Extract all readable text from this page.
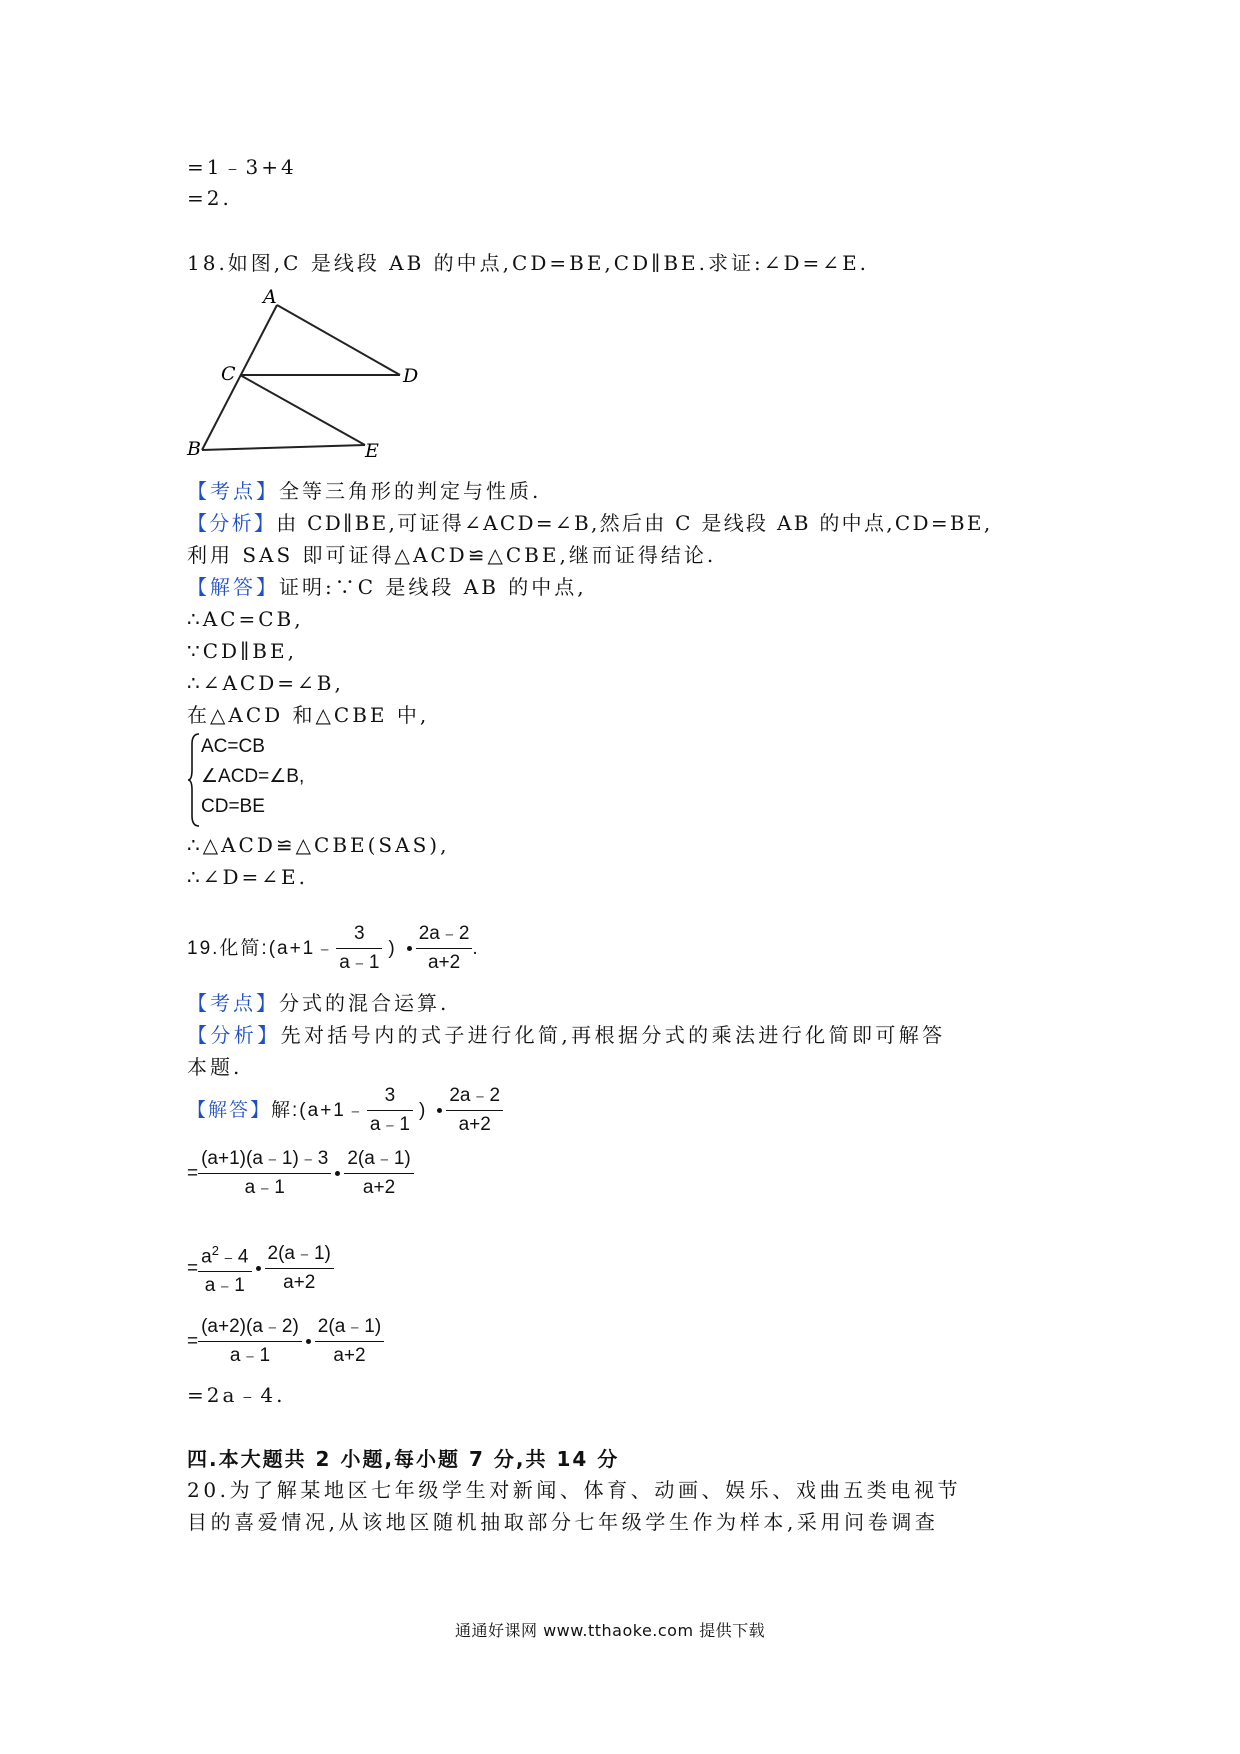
=1﹣3+4
=2.
18.如图,C 是线段 AB 的中点,CD=BE,CD∥BE.求证:∠D=∠E.
A
C	D
B	E
【考点】全等三角形的判定与性质.
【分析】由 CD∥BE,可证得∠ACD=∠B,然后由 C 是线段 AB 的中点,CD=BE,
利用 SAS 即可证得△ACD≌△CBE,继而证得结论.
【解答】证明:∵C 是线段 AB 的中点,
∴AC=CB,
∵CD∥BE,
∴∠ACD=∠B,
在△ACD 和△CBE 中,
AC=CB
∠ACD=∠B,
CD=BE
∴△ACD≌△CBE(SAS),
∴∠D=∠E.
19.化简:(a+1﹣ $\frac{3}{a﹣1}$ ) $\frac{2a﹣2}{a+2}$ .
【考点】分式的混合运算.
【分析】先对括号内的式子进行化简,再根据分式的乘法进行化简即可解答
本题.
【解答】 解:(a+1﹣ $\frac{3}{a﹣1}$ ) $\frac{2a﹣2}{a+2}$
= $\frac{(a+1)(a﹣1)﹣3}{a﹣1} \frac{2(a﹣1)}{a+2}$
= $\frac{a^2﹣4}{a﹣1} \frac{2(a﹣1)}{a+2}$
= $\frac{(a+2)(a﹣2)}{a﹣1} \frac{2(a﹣1)}{a+2}$
=2a﹣4.
四.本大题共 2 小题,每小题 7 分,共 14 分
20.为了解某地区七年级学生对新闻、体育、动画、娱乐、戏曲五类电视节
目的喜爱情况,从该地区随机抽取部分七年级学生作为样本,采用问卷调查
通通好课网 www.tthaoke.com 提供下载
